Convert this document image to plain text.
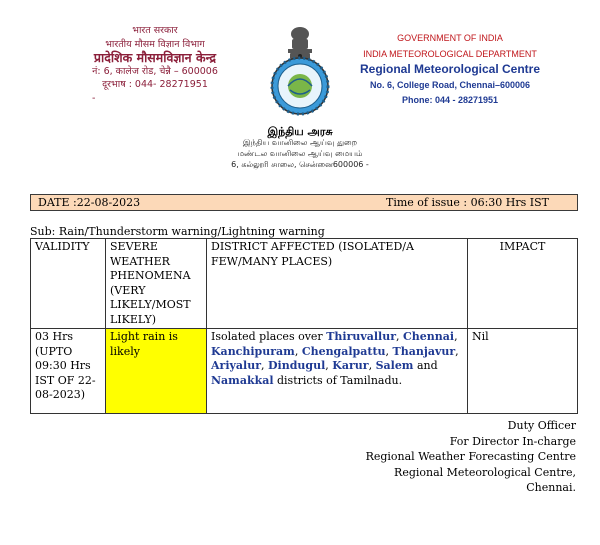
भारत सरकार
भारतीय मौसम विज्ञान विभाग
प्रादेशिक मौसमविज्ञान केन्द्र
नं: 6, कालेज रोड, चेन्नै – 600006
दूरभाष : 044- 28271951
-
GOVERNMENT OF INDIA
INDIA METEOROLOGICAL DEPARTMENT
Regional Meteorological Centre
No. 6, College Road, Chennai–600006
Phone: 044 - 28271951
இந்திய அரசு
இந்திய வானிலை ஆய்வு துறை
மண்டல வானிலை ஆய்வு மையம்
6, கல்லூரி சாலை, சென்னை600006 -
DATE :22-08-2023	Time of issue : 06:30 Hrs IST
Sub: Rain/Thunderstorm warning/Lightning warning
VALIDITY	SEVERE WEATHER PHENOMENA (VERY LIKELY/MOST LIKELY)	DISTRICT AFFECTED (ISOLATED/A FEW/MANY PLACES)	IMPACT
03 Hrs (UPTO 09:30 Hrs IST OF 22-08-2023)	Light rain is likely	Isolated places over Thiruvallur, Chennai, Kanchipuram, Chengalpattu, Thanjavur, Ariyalur, Dindugul, Karur, Salem and Namakkal districts of Tamilnadu.	Nil
Duty Officer
For Director In-charge
Regional Weather Forecasting Centre
Regional Meteorological Centre,
Chennai.
